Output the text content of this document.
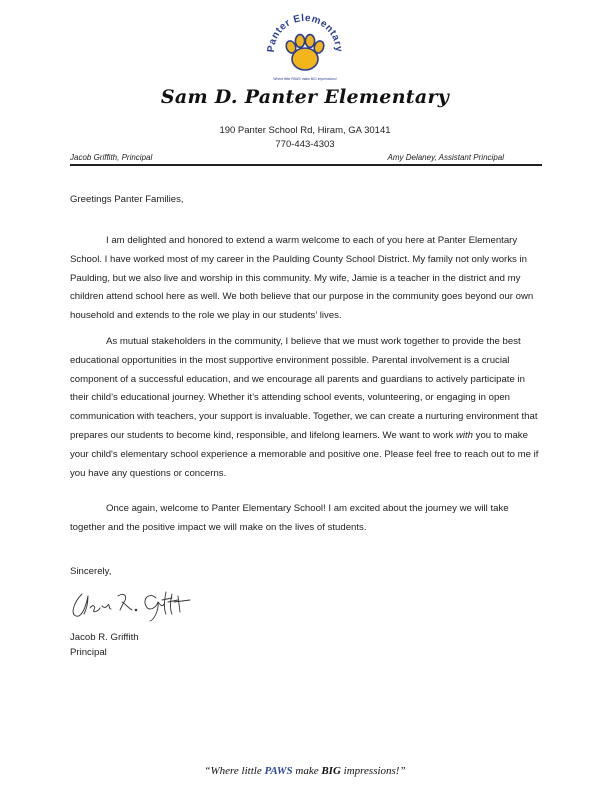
Panter Elementary
Where little PAWS make BIG impressions!
Sam D. Panter Elementary
190 Panter School Rd, Hiram, GA 30141
770-443-4303
Jacob Griffith, Principal	Amy Delaney, Assistant Principal
Greetings Panter Families,

I am delighted and honored to extend a warm welcome to each of you here at Panter Elementary School. I have worked most of my career in the Paulding County School District. My family not only works in Paulding, but we also live and worship in this community. My wife, Jamie is a teacher in the district and my children attend school here as well. We both believe that our purpose in the community goes beyond our own household and extends to the role we play in our students’ lives.

As mutual stakeholders in the community, I believe that we must work together to provide the best educational opportunities in the most supportive environment possible. Parental involvement is a crucial component of a successful education, and we encourage all parents and guardians to actively participate in their child’s educational journey. Whether it’s attending school events, volunteering, or engaging in open communication with teachers, your support is invaluable. Together, we can create a nurturing environment that prepares our students to become kind, responsible, and lifelong learners. We want to work with you to make your child's elementary school experience a memorable and positive one. Please feel free to reach out to me if you have any questions or concerns.

Once again, welcome to Panter Elementary School! I am excited about the journey we will take together and the positive impact we will make on the lives of students.

Sincerely,
Jacob R. Griffith
Principal
“Where little PAWS make BIG impressions!”
